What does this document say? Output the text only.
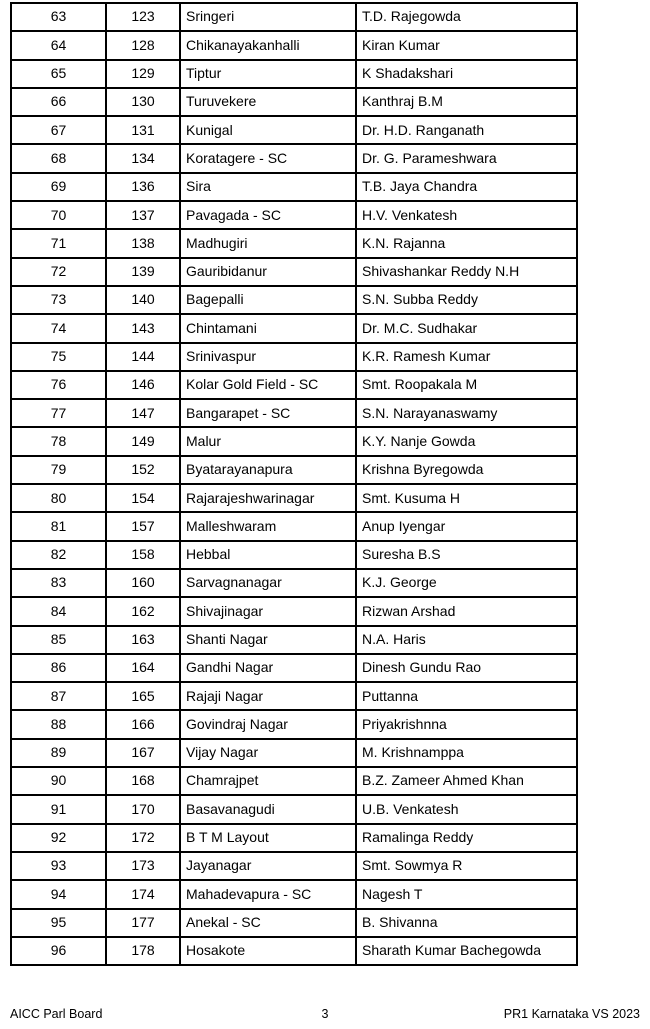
63	123	Sringeri	T.D. Rajegowda
64	128	Chikanayakanhalli	Kiran Kumar
65	129	Tiptur	K Shadakshari
66	130	Turuvekere	Kanthraj B.M
67	131	Kunigal	Dr. H.D. Ranganath
68	134	Koratagere - SC	Dr. G. Parameshwara
69	136	Sira	T.B. Jaya Chandra
70	137	Pavagada - SC	H.V. Venkatesh
71	138	Madhugiri	K.N. Rajanna
72	139	Gauribidanur	Shivashankar Reddy N.H
73	140	Bagepalli	S.N. Subba Reddy
74	143	Chintamani	Dr. M.C. Sudhakar
75	144	Srinivaspur	K.R. Ramesh Kumar
76	146	Kolar Gold Field - SC	Smt. Roopakala M
77	147	Bangarapet - SC	S.N. Narayanaswamy
78	149	Malur	K.Y. Nanje Gowda
79	152	Byatarayanapura	Krishna Byregowda
80	154	Rajarajeshwarinagar	Smt. Kusuma H
81	157	Malleshwaram	Anup Iyengar
82	158	Hebbal	Suresha B.S
83	160	Sarvagnanagar	K.J. George
84	162	Shivajinagar	Rizwan Arshad
85	163	Shanti Nagar	N.A. Haris
86	164	Gandhi Nagar	Dinesh Gundu Rao
87	165	Rajaji Nagar	Puttanna
88	166	Govindraj Nagar	Priyakrishnna
89	167	Vijay Nagar	M. Krishnamppa
90	168	Chamrajpet	B.Z. Zameer Ahmed Khan
91	170	Basavanagudi	U.B. Venkatesh
92	172	B T M Layout	Ramalinga Reddy
93	173	Jayanagar	Smt. Sowmya R
94	174	Mahadevapura - SC	Nagesh T
95	177	Anekal - SC	B. Shivanna
96	178	Hosakote	Sharath Kumar Bachegowda
AICC Parl Board	3	PR1 Karnataka VS 2023
